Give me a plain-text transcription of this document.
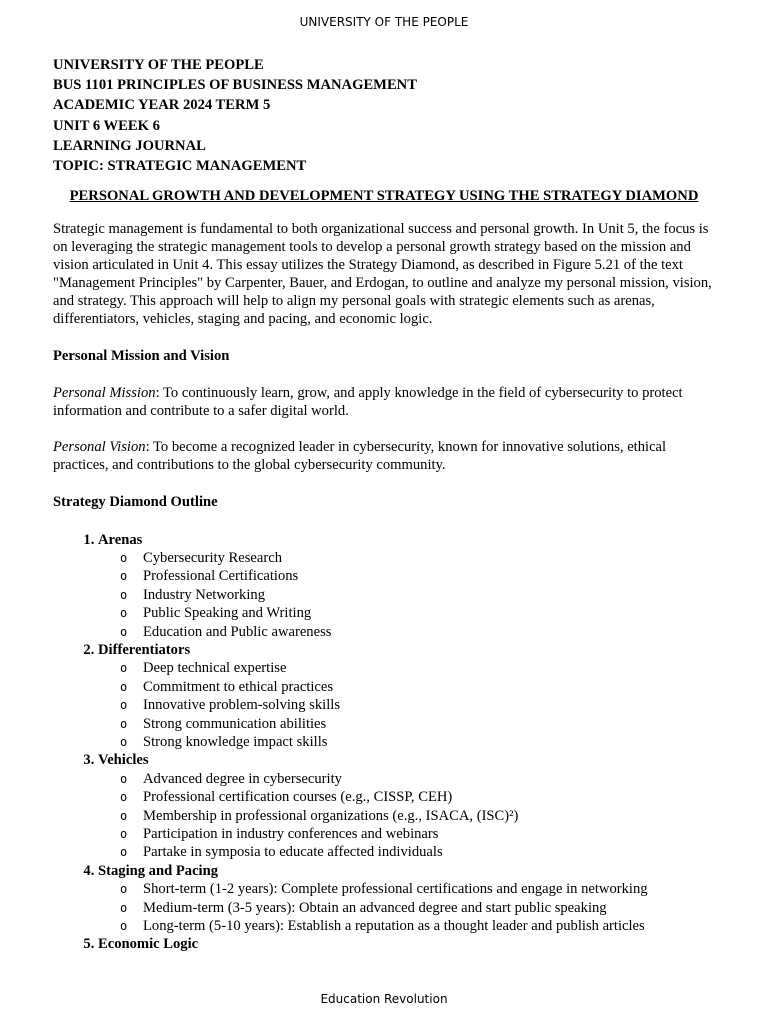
UNIVERSITY OF THE PEOPLE
UNIVERSITY OF THE PEOPLE
BUS 1101 PRINCIPLES OF BUSINESS MANAGEMENT
ACADEMIC YEAR 2024 TERM 5
UNIT 6 WEEK 6
LEARNING JOURNAL
TOPIC: STRATEGIC MANAGEMENT
PERSONAL GROWTH AND DEVELOPMENT STRATEGY USING THE STRATEGY DIAMOND

Strategic management is fundamental to both organizational success and personal growth. In Unit 5, the focus is on leveraging the strategic management tools to develop a personal growth strategy based on the mission and vision articulated in Unit 4. This essay utilizes the Strategy Diamond, as described in Figure 5.21 of the text "Management Principles" by Carpenter, Bauer, and Erdogan, to outline and analyze my personal mission, vision, and strategy. This approach will help to align my personal goals with strategic elements such as arenas, differentiators, vehicles, staging and pacing, and economic logic.

Personal Mission and Vision

Personal Mission: To continuously learn, grow, and apply knowledge in the field of cybersecurity to protect information and contribute to a safer digital world.

Personal Vision: To become a recognized leader in cybersecurity, known for innovative solutions, ethical practices, and contributions to the global cybersecurity community.

Strategy Diamond Outline
1. Arenas
o Cybersecurity Research
o Professional Certifications
o Industry Networking
o Public Speaking and Writing
o Education and Public awareness
2. Differentiators
o Deep technical expertise
o Commitment to ethical practices
o Innovative problem-solving skills
o Strong communication abilities
o Strong knowledge impact skills
3. Vehicles
o Advanced degree in cybersecurity
o Professional certification courses (e.g., CISSP, CEH)
o Membership in professional organizations (e.g., ISACA, (ISC)²)
o Participation in industry conferences and webinars
o Partake in symposia to educate affected individuals
4. Staging and Pacing
o Short-term (1-2 years): Complete professional certifications and engage in networking
o Medium-term (3-5 years): Obtain an advanced degree and start public speaking
o Long-term (5-10 years): Establish a reputation as a thought leader and publish articles
5. Economic Logic
Education Revolution
